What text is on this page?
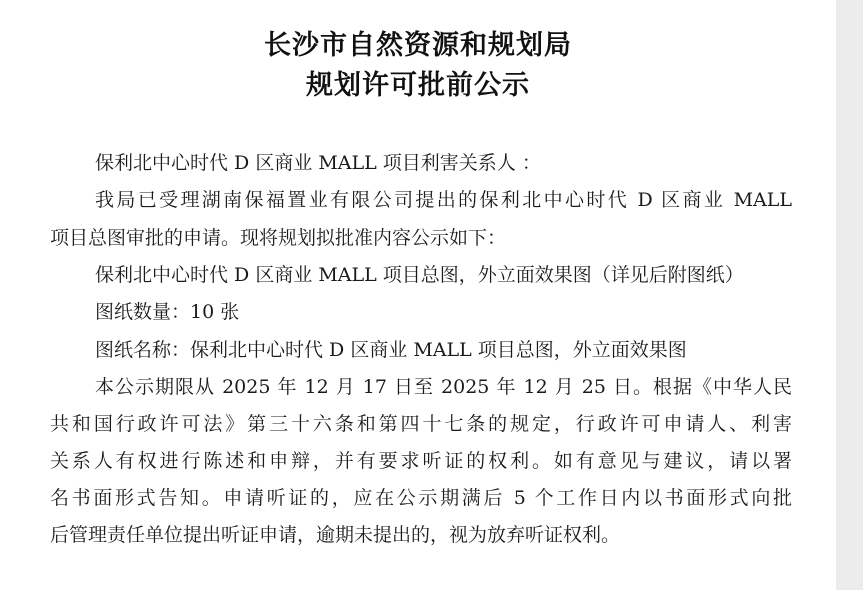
长沙市自然资源和规划局
规划许可批前公示
保利北中心时代 D 区商业 MALL 项目利害关系人 ：
我局已受理湖南保福置业有限公司提出的保利北中心时代 D 区商业 MALL
项目总图审批的申请。现将规划拟批准内容公示如下：
保利北中心时代 D 区商业 MALL 项目总图，外立面效果图（详见后附图纸）
图纸数量：10 张
图纸名称：保利北中心时代 D 区商业 MALL 项目总图，外立面效果图
本公示期限从 2025 年 12 月 17 日至 2025 年 12 月 25 日。根据《中华人民
共和国行政许可法》第三十六条和第四十七条的规定，行政许可申请人、利害
关系人有权进行陈述和申辩，并有要求听证的权利。如有意见与建议，请以署
名书面形式告知。申请听证的，应在公示期满后 5 个工作日内以书面形式向批
后管理责任单位提出听证申请，逾期未提出的，视为放弃听证权利。
